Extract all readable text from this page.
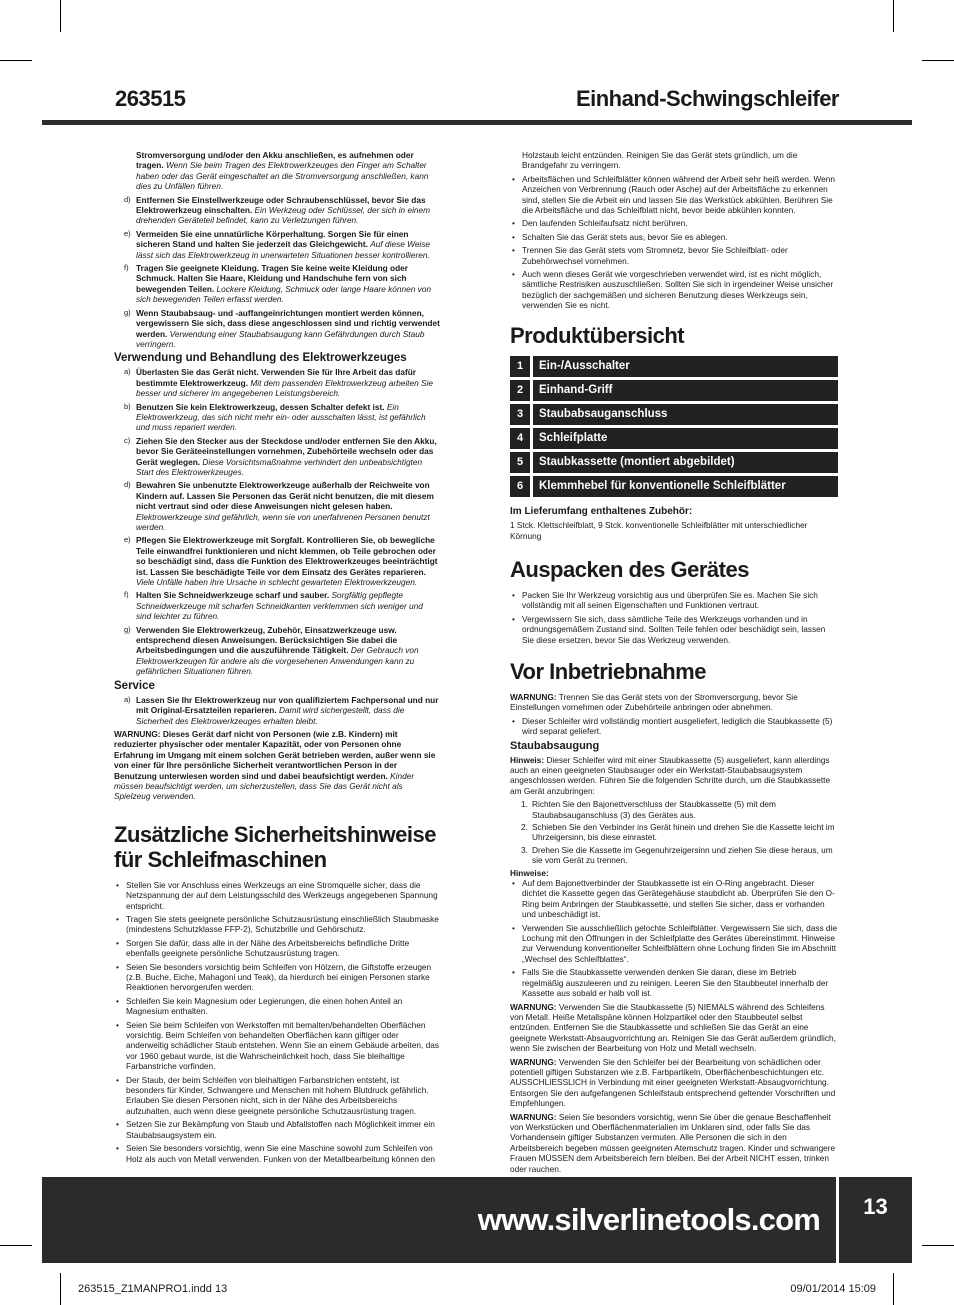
263515	Einhand-Schwingschleifer
Stromversorgung und/oder den Akku anschließen, es aufnehmen oder tragen. Wenn Sie beim Tragen des Elektrowerkzeuges den Finger am Schalter haben oder das Gerät eingeschaltet an die Stromversorgung anschließen, kann dies zu Unfällen führen.
d) Entfernen Sie Einstellwerkzeuge oder Schraubenschlüssel, bevor Sie das Elektrowerkzeug einschalten. Ein Werkzeug oder Schlüssel, der sich in einem drehenden Geräteteil befindet, kann zu Verletzungen führen.
e) Vermeiden Sie eine unnatürliche Körperhaltung. Sorgen Sie für einen sicheren Stand und halten Sie jederzeit das Gleichgewicht. Auf diese Weise lässt sich das Elektrowerkzeug in unerwarteten Situationen besser kontrollieren.
f) Tragen Sie geeignete Kleidung. Tragen Sie keine weite Kleidung oder Schmuck. Halten Sie Haare, Kleidung und Handschuhe fern von sich bewegenden Teilen. Lockere Kleidung, Schmuck oder lange Haare können von sich bewegenden Teilen erfasst werden.
g) Wenn Staubabsaug- und -auffangeinrichtungen montiert werden können, vergewissern Sie sich, dass diese angeschlossen sind und richtig verwendet werden. Verwendung einer Staubabsaugung kann Gefährdungen durch Staub verringern.
Verwendung und Behandlung des Elektrowerkzeuges
a) Überlasten Sie das Gerät nicht. Verwenden Sie für Ihre Arbeit das dafür bestimmte Elektrowerkzeug. Mit dem passenden Elektrowerkzeug arbeiten Sie besser und sicherer im angegebenen Leistungsbereich.
b) Benutzen Sie kein Elektrowerkzeug, dessen Schalter defekt ist. Ein Elektrowerkzeug, das sich nicht mehr ein- oder ausschalten lässt, ist gefährlich und muss repariert werden.
c) Ziehen Sie den Stecker aus der Steckdose und/oder entfernen Sie den Akku, bevor Sie Geräteeinstellungen vornehmen, Zubehörteile wechseln oder das Gerät weglegen. Diese Vorsichtsmaßnahme verhindert den unbeabsichtigten Start des Elektrowerkzeuges.
d) Bewahren Sie unbenutzte Elektrowerkzeuge außerhalb der Reichweite von Kindern auf. Lassen Sie Personen das Gerät nicht benutzen, die mit diesem nicht vertraut sind oder diese Anweisungen nicht gelesen haben. Elektrowerkzeuge sind gefährlich, wenn sie von unerfahrenen Personen benutzt werden.
e) Pflegen Sie Elektrowerkzeuge mit Sorgfalt. Kontrollieren Sie, ob bewegliche Teile einwandfrei funktionieren und nicht klemmen, ob Teile gebrochen oder so beschädigt sind, dass die Funktion des Elektrowerkzeuges beeinträchtigt ist. Lassen Sie beschädigte Teile vor dem Einsatz des Gerätes reparieren. Viele Unfälle haben ihre Ursache in schlecht gewarteten Elektrowerkzeugen.
f) Halten Sie Schneidwerkzeuge scharf und sauber. Sorgfältig gepflegte Schneidwerkzeuge mit scharfen Schneidkanten verklemmen sich weniger und sind leichter zu führen.
g) Verwenden Sie Elektrowerkzeug, Zubehör, Einsatzwerkzeuge usw. entsprechend diesen Anweisungen. Berücksichtigen Sie dabei die Arbeitsbedingungen und die auszuführende Tätigkeit. Der Gebrauch von Elektrowerkzeugen für andere als die vorgesehenen Anwendungen kann zu gefährlichen Situationen führen.
Service
a) Lassen Sie Ihr Elektrowerkzeug nur von qualifiziertem Fachpersonal und nur mit Original-Ersatzteilen reparieren. Damit wird sichergestellt, dass die Sicherheit des Elektrowerkzeuges erhalten bleibt.
WARNUNG: Dieses Gerät darf nicht von Personen (wie z.B. Kindern) mit reduzierter physischer oder mentaler Kapazität, oder von Personen ohne Erfahrung im Umgang mit einem solchen Gerät betrieben werden, außer wenn sie von einer für Ihre persönliche Sicherheit verantwortlichen Person in der Benutzung unterwiesen worden sind und dabei beaufsichtigt werden. Kinder müssen beaufsichtigt werden, um sicherzustellen, dass Sie das Gerät nicht als Spielzeug verwenden.
Zusätzliche Sicherheitshinweise
für Schleifmaschinen
• Stellen Sie vor Anschluss eines Werkzeugs an eine Stromquelle sicher, dass die Netzspannung der auf dem Leistungsschild des Werkzeugs angegebenen Spannung entspricht.
• Tragen Sie stets geeignete persönliche Schutzausrüstung einschließlich Staubmaske (mindestens Schutzklasse FFP-2), Schutzbrille und Gehörschutz.
• Sorgen Sie dafür, dass alle in der Nähe des Arbeitsbereichs befindliche Dritte ebenfalls geeignete persönliche Schutzausrüstung tragen.
• Seien Sie besonders vorsichtig beim Schleifen von Hölzern, die Giftstoffe erzeugen (z.B. Buche, Eiche, Mahagoni und Teak), da hierdurch bei einigen Personen starke Reaktionen hervorgerufen werden.
• Schleifen Sie kein Magnesium oder Legierungen, die einen hohen Anteil an Magnesium enthalten.
• Seien Sie beim Schleifen von Werkstoffen mit bemalten/behandelten Oberflächen vorsichtig. Beim Schleifen von behandelten Oberflächen kann giftiger oder anderweitig schädlicher Staub entstehen. Wenn Sie an einem Gebäude arbeiten, das vor 1960 gebaut wurde, ist die Wahrscheinlichkeit hoch, dass Sie bleihaltige Farbanstriche vorfinden.
• Der Staub, der beim Schleifen von bleihaltigen Farbanstrichen entsteht, ist besonders für Kinder, Schwangere und Menschen mit hohem Blutdruck gefährlich. Erlauben Sie diesen Personen nicht, sich in der Nähe des Arbeitsbereichs aufzuhalten, auch wenn diese geeignete persönliche Schutzausrüstung tragen.
• Setzen Sie zur Bekämpfung von Staub und Abfallstoffen nach Möglichkeit immer ein Staubabsaugsystem ein.
• Seien Sie besonders vorsichtig, wenn Sie eine Maschine sowohl zum Schleifen von Holz als auch von Metall verwenden. Funken von der Metallbearbeitung können den
Holzstaub leicht entzünden. Reinigen Sie das Gerät stets gründlich, um die Brandgefahr zu verringern.
• Arbeitsflächen und Schleifblätter können während der Arbeit sehr heiß werden. Wenn Anzeichen von Verbrennung (Rauch oder Asche) auf der Arbeitsfläche zu erkennen sind, stellen Sie die Arbeit ein und lassen Sie das Werkstück abkühlen. Berühren Sie die Arbeitsfläche und das Schleifblatt nicht, bevor beide abkühlen konnten.
• Den laufenden Schleifaufsatz nicht berühren.
• Schalten Sie das Gerät stets aus, bevor Sie es ablegen.
• Trennen Sie das Gerät stets vom Stromnetz, bevor Sie Schleifblatt- oder Zubehörwechsel vornehmen.
• Auch wenn dieses Gerät wie vorgeschrieben verwendet wird, ist es nicht möglich, sämtliche Restrisiken auszuschließen. Sollten Sie sich in irgendeiner Weise unsicher bezüglich der sachgemäßen und sicheren Benutzung dieses Werkzeugs sein, verwenden Sie es nicht.
Produktübersicht
1	Ein-/Ausschalter
2	Einhand-Griff
3	Staubabsauganschluss
4	Schleifplatte
5	Staubkassette (montiert abgebildet)
6	Klemmhebel für konventionelle Schleifblätter
Im Lieferumfang enthaltenes Zubehör:
1 Stck. Klettschleifblatt, 9 Stck. konventionelle Schleifblätter mit unterschiedlicher Körnung
Auspacken des Gerätes
• Packen Sie Ihr Werkzeug vorsichtig aus und überprüfen Sie es. Machen Sie sich vollständig mit all seinen Eigenschaften und Funktionen vertraut.
• Vergewissern Sie sich, dass sämtliche Teile des Werkzeugs vorhanden und in ordnungsgemäßem Zustand sind. Sollten Teile fehlen oder beschädigt sein, lassen Sie diese ersetzen, bevor Sie das Werkzeug verwenden.
Vor Inbetriebnahme
WARNUNG: Trennen Sie das Gerät stets von der Stromversorgung, bevor Sie Einstellungen vornehmen oder Zubehörteile anbringen oder abnehmen.
• Dieser Schleifer wird vollständig montiert ausgeliefert, lediglich die Staubkassette (5) wird separat geliefert.
Staubabsaugung
Hinweis: Dieser Schleifer wird mit einer Staubkassette (5) ausgeliefert, kann allerdings auch an einen geeigneten Staubsauger oder ein Werkstatt-Staubabsaugsystem angeschlossen werden. Führen Sie die folgenden Schritte durch, um die Staubkassette am Gerät anzubringen:
1. Richten Sie den Bajonettverschluss der Staubkassette (5) mit dem Staubabsauganschluss (3) des Gerätes aus.
2. Schieben Sie den Verbinder ins Gerät hinein und drehen Sie die Kassette leicht im Uhrzeigersinn, bis diese einrastet.
3. Drehen Sie die Kassette im Gegenuhrzeigersinn und ziehen Sie diese heraus, um sie vom Gerät zu trennen.
Hinweise:
• Auf dem Bajonettverbinder der Staubkassette ist ein O-Ring angebracht. Dieser dichtet die Kassette gegen das Gerätegehäuse staubdicht ab. Überprüfen Sie den O-Ring beim Anbringen der Staubkassette, und stellen Sie sicher, dass er vorhanden und unbeschädigt ist.
• Verwenden Sie ausschließlich gelochte Schleifblätter. Vergewissern Sie sich, dass die Lochung mit den Öffnungen in der Schleifplatte des Gerätes übereinstimmt. Hinweise zur Verwendung konventioneller Schleifblättern ohne Lochung finden Sie im Abschnitt „Wechsel des Schleifblattes“.
• Falls Sie die Staubkassette verwenden denken Sie daran, diese im Betrieb regelmäßig auszuleeren und zu reinigen. Leeren Sie den Staubbeutel innerhalb der Kassette aus sobald er halb voll ist.
WARNUNG: Verwenden Sie die Staubkassette (5) NIEMALS während des Schleifens von Metall. Heiße Metallspäne können Holzpartikel oder den Staubbeutel selbst entzünden. Entfernen Sie die Staubkassette und schließen Sie das Gerät an eine geeignete Werkstatt-Absaugvorrichtung an. Reinigen Sie das Gerät außerdem gründlich, wenn Sie zwischen der Bearbeitung von Holz und Metall wechseln.
WARNUNG: Verwenden Sie den Schleifer bei der Bearbeitung von schädlichen oder potentiell giftigen Substanzen wie z.B. Farbpartikeln, Oberflächenbeschichtungen etc. AUSSCHLIESSLICH in Verbindung mit einer geeigneten Werkstatt-Absaugvorrichtung. Entsorgen Sie den aufgefangenen Schleifstaub entsprechend geltender Vorschriften und Empfehlungen.
WARNUNG: Seien Sie besonders vorsichtig, wenn Sie über die genaue Beschaffenheit von Werkstücken und Oberflächenmaterialien im Unklaren sind, oder falls Sie das Vorhandensein giftiger Substanzen vermuten. Alle Personen die sich in den Arbeitsbereich begeben müssen geeigneten Atemschutz tragen. Kinder und schwangere Frauen MÜSSEN dem Arbeitsbereich fern bleiben. Bei der Arbeit NICHT essen, trinken oder rauchen.
www.silverlinetools.com	13
263515_Z1MANPRO1.indd 13	09/01/2014 15:09
